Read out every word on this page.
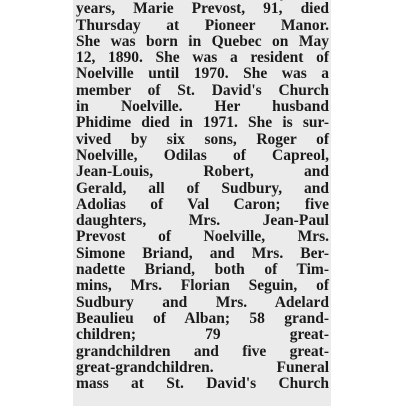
years, Marie Prevost, 91, died
Thursday at Pioneer Manor.
She was born in Quebec on May
12, 1890. She was a resident of
Noelville until 1970. She was a
member of St. David's Church
in Noelville. Her husband
Phidime died in 1971. She is sur-
vived by six sons, Roger of
Noelville, Odilas of Capreol,
Jean-Louis, Robert, and
Gerald, all of Sudbury, and
Adolias of Val Caron; five
daughters, Mrs. Jean-Paul
Prevost of Noelville, Mrs.
Simone Briand, and Mrs. Ber-
nadette Briand, both of Tim-
mins, Mrs. Florian Seguin, of
Sudbury and Mrs. Adelard
Beaulieu of Alban; 58 grand-
children; 79 great-
grandchildren and five great-
great-grandchildren. Funeral
mass at St. David's Church
